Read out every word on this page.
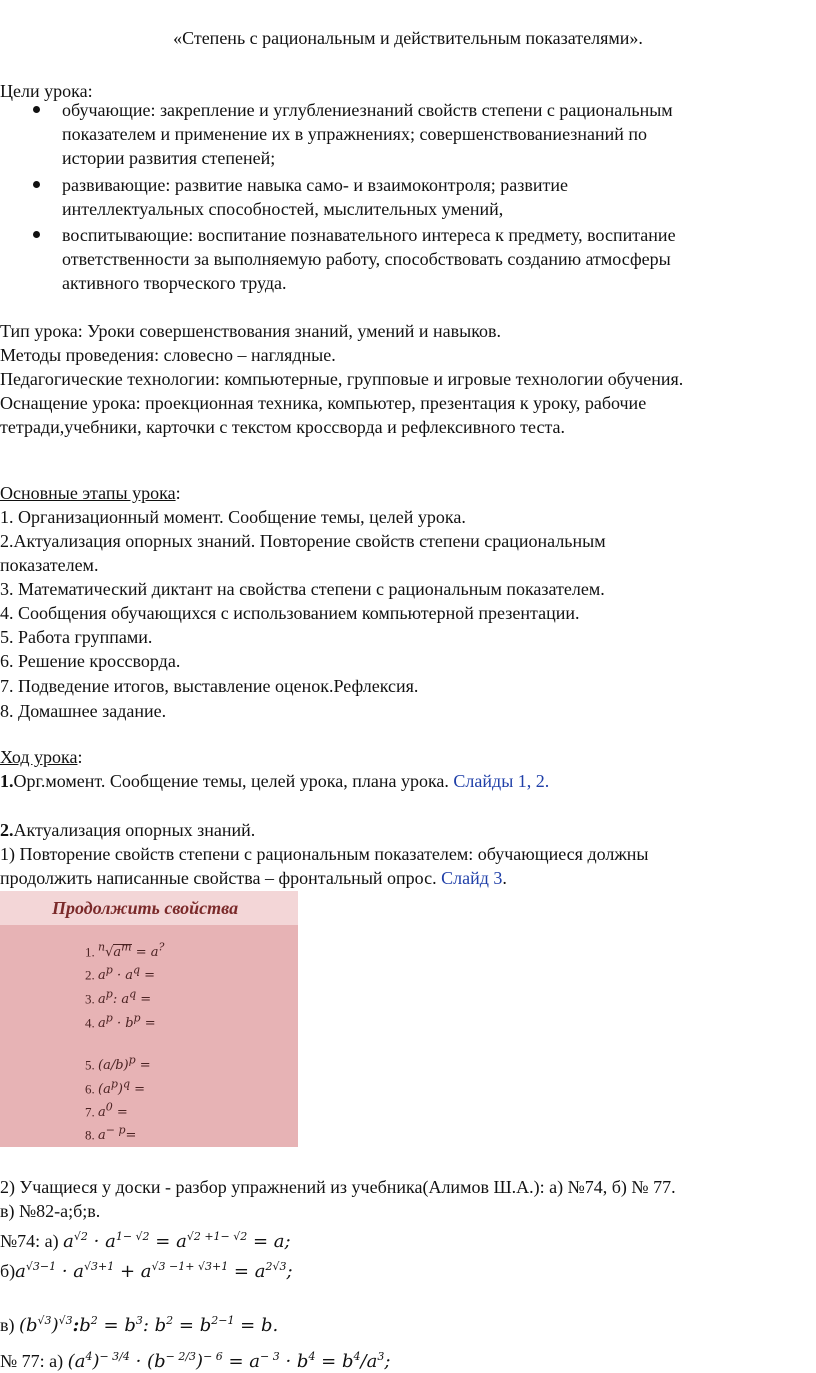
«Степень с рациональным и действительным показателями».
Цели урока:
обучающие: закрепление и углублениезнаний свойств степени с рациональным
показателем и применение их в упражнениях; совершенствованиезнаний по
истории развития степеней;
развивающие: развитие навыка само- и взаимоконтроля; развитие
интеллектуальных способностей, мыслительных умений,
воспитывающие: воспитание познавательного интереса к предмету, воспитание
ответственности за выполняемую работу, способствовать созданию атмосферы
активного творческого труда.
Тип урока: Уроки совершенствования знаний, умений и навыков.
Методы проведения: словесно – наглядные.
Педагогические технологии: компьютерные, групповые и игровые технологии обучения.
Оснащение урока: проекционная техника, компьютер, презентация к уроку, рабочие
тетради,учебники, карточки с текстом кроссворда и рефлексивного теста.
Основные этапы урока:
1. Организационный момент. Сообщение темы, целей урока.
2.Актуализация опорных знаний. Повторение свойств степени срациональным
показателем.
3. Математический диктант на свойства степени с рациональным показателем.
4. Сообщения обучающихся с использованием компьютерной презентации.
5. Работа группами.
6. Решение кроссворда.
7. Подведение итогов, выставление оценок.Рефлексия.
8. Домашнее задание.
Ход урока:
1.Орг.момент. Сообщение темы, целей урока, плана урока. Слайды 1, 2.
2.Актуализация опорных знаний.
1) Повторение свойств степени с рациональным показателем: обучающиеся должны
продолжить написанные свойства – фронтальный опрос. Слайд 3.
Продолжить свойства
1. $^n√a^m = a^?$
2. $a^p \cdot a^q$ =
3. $a^p$: $a^q$ =
4. $a^p \cdot b^p$ =
5. $(a/b)^p$ =
6. $(a^p)^q$ =
7. $a^0$ =
8. $a^{- p}=$
2) Учащиеся у доски - разбор упражнений из учебника(Алимов Ш.А.): а) №74, б) № 77.
в) №82-а;б;в.
№74: а) $a^{√2} \cdot a^{1- √2} = a^{√2 +1- √2} = a$;
$б)a^{√3-1} \cdot a^{√3+1} + a^{√3 -1+ √3+1} = a^{2√3}$;
в) $(b^{√3})^{√3}:b^2 = b^3$: $b^2 = b^{2-1} = b$.
№ 77: а) $(a^4)^{- 3/4} \cdot (b^{- 2/3})^{- 6} = a^{- 3} \cdot b^4 = b^4/a^3$;
